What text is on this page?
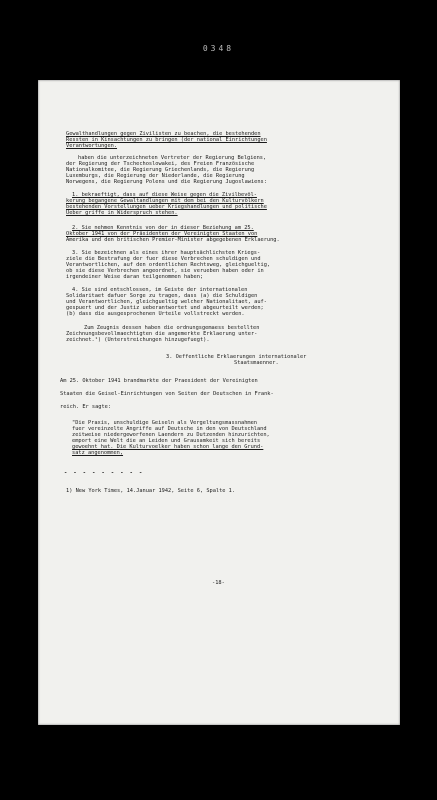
0348
Gewalthandlungen gegen Zivilisten zu beachen, die bestehenden
Ressten in Kinsachtungen zu bringen (der national Einrichtungen
Verantwortungen.
haben die unterzeichneten Vertreter der Regierung Belgiens,
der Regierung der Tschechoslowakei, des Freien Französische
Nationalkomitee, die Regierung Griechenlands, die Regierung
Luxemburgs, die Regierung der Niederlande, die Regierung
Norwegens, die Regierung Polens und die Regierung Jugoslawiens:
1. bekraeftigt, dass auf diese Weise gegen die Zivilbevöl-
kerung begangene Gewaltandlungen mit dem bei den Kulturvölkern
bestehenden Vorstellungen ueber Kriegshandlungen und politische
Ueber griffe in Widerspruch stehen.
2. Sie nehmen Kenntnis von der in dieser Beziehung am 25.
Oktober 1941 von der Präsidenten der Vereinigten Staaten von
Amerika und den britischen Premier-Minister abgegebenen Erklaerung.
3. Sie bezeichnen als eines ihrer hauptsächlichsten Kriegs-
ziele die Bestrafung der fuer diese Verbrechen schuldigen und
Verantwortlichen, auf den ordentlichen Rechtsweg, gleichgueltig,
ob sie diese Verbrechen angeordnet, sie verueben haben oder in
irgendeiner Weise daran teilgenommen haben;
4. Sie sind entschlossen, im Geiste der internationalen
Solidaritaet dafuer Sorge zu tragen, dass (a) die Schuldigen
und Verantwortlichen, gleichgueltig welcher Nationalitaet, auf-
gespuert und der Justiz ueberantwortet und abgeurteilt werden;
(b) dass die ausgesprochenen Urteile vollstreckt werden.
Zum Zeugnis dessen haben die ordnungsgemaess bestellten
Zeichnungsbevollmaechtigten die angemerkte Erklaerung unter-
zeichnet.¹) (Unterstreichungen hinzugefuegt).
3. Oeffentliche Erklaerungen internationaler
Staatsmaenner.
Am 25. Oktober 1941 brandmarkte der Praesident der Vereinigten
Staaten die Geisel-Einrichtungen von Seiten der Deutschen in Frank-
reich. Er sagte:
"Die Praxis, unschuldige Geiseln als Vergeltungsmassnahmen
fuer vereinzelte Angriffe auf Deutsche in den von Deutschland
zeitweise niedergeworfenen Laendern zu Dutzenden hinzurichten,
emport eine Welt die an Leiden und Grausamkeit sich bereits
gewoehnt hat. Die Kulturvoelker haben schon lange den Grund-
satz angenommen,
- - - - - - - - -
1) New York Times, 14.Januar 1942, Seite 6, Spalte 1.
-18-
